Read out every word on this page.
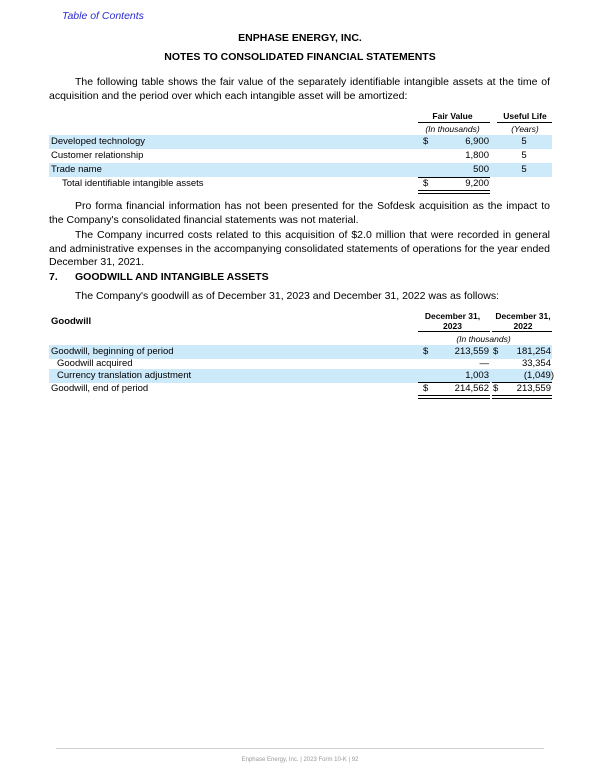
Table of Contents
ENPHASE ENERGY, INC.
NOTES TO CONSOLIDATED FINANCIAL STATEMENTS
The following table shows the fair value of the separately identifiable intangible assets at the time of acquisition and the period over which each intangible asset will be amortized:
Fair Value	Useful Life
(In thousands)	(Years)
Developed technology	$	6,900	5
Customer relationship	1,800	5
Trade name	500	5
Total identifiable intangible assets	$	9,200
Pro forma financial information has not been presented for the Sofdesk acquisition as the impact to the Company's consolidated financial statements was not material.
The Company incurred costs related to this acquisition of $2.0 million that were recorded in general and administrative expenses in the accompanying consolidated statements of operations for the year ended December 31, 2021.
7. GOODWILL AND INTANGIBLE ASSETS
The Company's goodwill as of December 31, 2023 and December 31, 2022 was as follows:
Goodwill	December 31,
2023
December 31,
2022
(In thousands)
Goodwill, beginning of period	$	213,559 $	181,254
Goodwill acquired	—	33,354
Currency translation adjustment	1,003	(1,049)
Goodwill, end of period	$	214,562 $	213,559
Enphase Energy, Inc. | 2023 Form 10-K | 92
